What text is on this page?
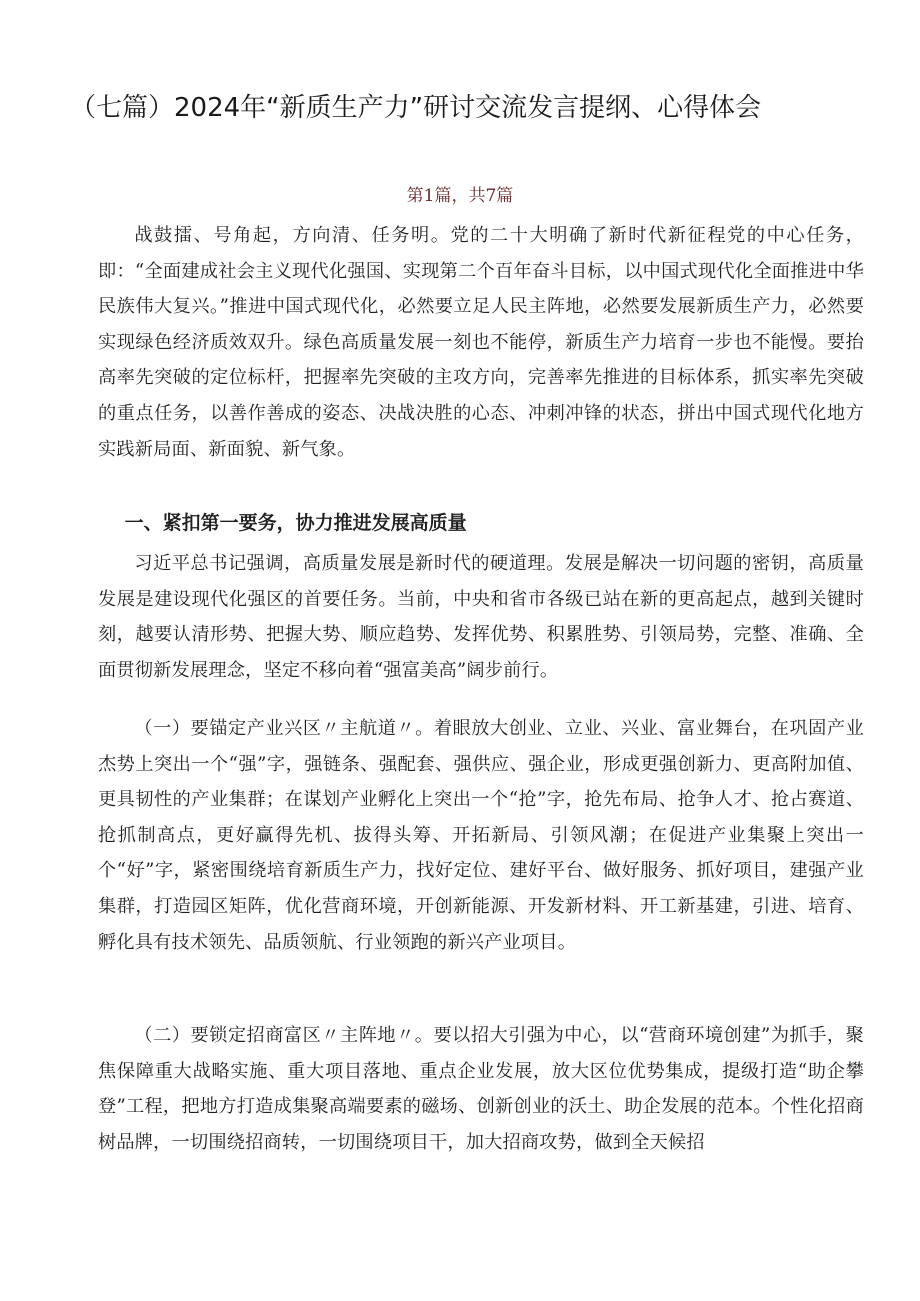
（七篇）2024年“新质生产力”研讨交流发言提纲、心得体会
第1篇，共7篇

战鼓擂、号角起，方向清、任务明。党的二十大明确了新时代新征程党的中心任务，即：“全面建成社会主义现代化强国、实现第二个百年奋斗目标，以中国式现代化全面推进中华民族伟大复兴。”推进中国式现代化，必然要立足人民主阵地，必然要发展新质生产力，必然要实现绿色经济质效双升。绿色高质量发展一刻也不能停，新质生产力培育一步也不能慢。要抬高率先突破的定位标杆，把握率先突破的主攻方向，完善率先推进的目标体系，抓实率先突破的重点任务，以善作善成的姿态、决战决胜的心态、冲刺冲锋的状态，拼出中国式现代化地方实践新局面、新面貌、新气象。

一、紧扣第一要务，协力推进发展高质量

习近平总书记强调，高质量发展是新时代的硬道理。发展是解决一切问题的密钥，高质量发展是建设现代化强区的首要任务。当前，中央和省市各级已站在新的更高起点，越到关键时刻，越要认清形势、把握大势、顺应趋势、发挥优势、积累胜势、引领局势，完整、准确、全面贯彻新发展理念，坚定不移向着“强富美高”阔步前行。

（一）要锚定产业兴区〃主航道〃。着眼放大创业、立业、兴业、富业舞台，在巩固产业杰势上突出一个“强”字，强链条、强配套、强供应、强企业，形成更强创新力、更高附加值、更具韧性的产业集群；在谋划产业孵化上突出一个“抢”字，抢先布局、抢争人才、抢占赛道、抢抓制高点，更好赢得先机、拔得头筹、开拓新局、引领风潮；在促进产业集聚上突出一个“好”字，紧密围绕培育新质生产力，找好定位、建好平台、做好服务、抓好项目，建强产业集群，打造园区矩阵，优化营商环境，开创新能源、开发新材料、开工新基建，引进、培育、孵化具有技术领先、品质领航、行业领跑的新兴产业项目。

（二）要锁定招商富区〃主阵地〃。要以招大引强为中心，以“营商环境创建”为抓手，聚焦保障重大战略实施、重大项目落地、重点企业发展，放大区位优势集成，提级打造“助企攀登”工程，把地方打造成集聚高端要素的磁场、创新创业的沃土、助企发展的范本。个性化招商树品牌，一切围绕招商转，一切围绕项目干，加大招商攻势，做到全天候招
